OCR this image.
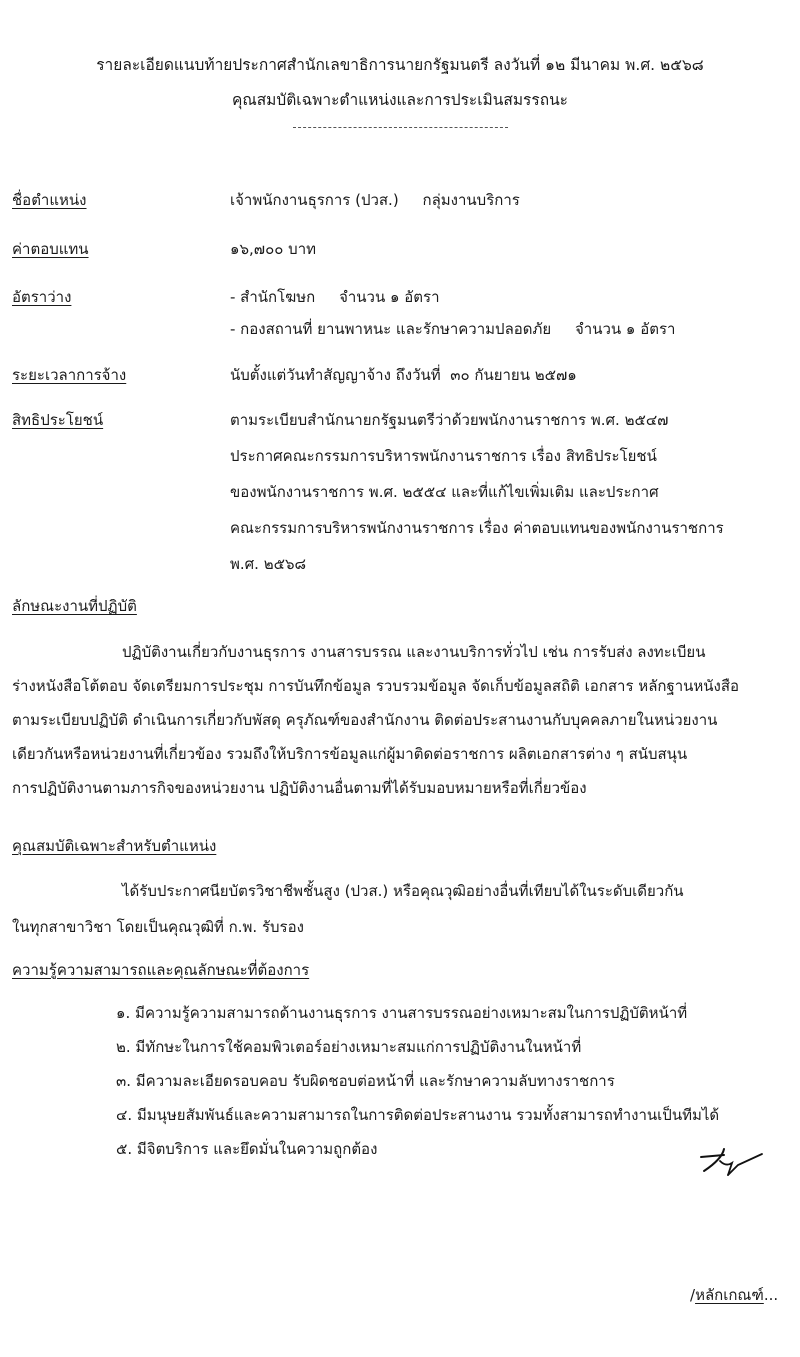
รายละเอียดแนบท้ายประกาศสำนักเลขาธิการนายกรัฐมนตรี ลงวันที่ ๑๒ มีนาคม พ.ศ. ๒๕๖๘
คุณสมบัติเฉพาะตำแหน่งและการประเมินสมรรถนะ
ชื่อตำแหน่ง	เจ้าพนักงานธุรการ (ปวส.)     กลุ่มงานบริการ
ค่าตอบแทน	๑๖,๗๐๐ บาท
อัตราว่าง	- สำนักโฆษก     จำนวน ๑ อัตรา
- กองสถานที่ ยานพาหนะ และรักษาความปลอดภัย     จำนวน ๑ อัตรา
ระยะเวลาการจ้าง	นับตั้งแต่วันทำสัญญาจ้าง ถึงวันที่  ๓๐ กันยายน ๒๕๗๑
สิทธิประโยชน์	ตามระเบียบสำนักนายกรัฐมนตรีว่าด้วยพนักงานราชการ พ.ศ. ๒๕๔๗
ประกาศคณะกรรมการบริหารพนักงานราชการ เรื่อง สิทธิประโยชน์
ของพนักงานราชการ พ.ศ. ๒๕๕๔ และที่แก้ไขเพิ่มเติม และประกาศ
คณะกรรมการบริหารพนักงานราชการ เรื่อง ค่าตอบแทนของพนักงานราชการ
พ.ศ. ๒๕๖๘
ลักษณะงานที่ปฏิบัติ
ปฏิบัติงานเกี่ยวกับงานธุรการ งานสารบรรณ และงานบริการทั่วไป เช่น การรับส่ง ลงทะเบียน
ร่างหนังสือโต้ตอบ จัดเตรียมการประชุม การบันทึกข้อมูล รวบรวมข้อมูล จัดเก็บข้อมูลสถิติ เอกสาร หลักฐานหนังสือ
ตามระเบียบปฏิบัติ ดำเนินการเกี่ยวกับพัสดุ ครุภัณฑ์ของสำนักงาน ติดต่อประสานงานกับบุคคลภายในหน่วยงาน
เดียวกันหรือหน่วยงานที่เกี่ยวข้อง รวมถึงให้บริการข้อมูลแก่ผู้มาติดต่อราชการ ผลิตเอกสารต่าง ๆ สนับสนุน
การปฏิบัติงานตามภารกิจของหน่วยงาน ปฏิบัติงานอื่นตามที่ได้รับมอบหมายหรือที่เกี่ยวข้อง
คุณสมบัติเฉพาะสำหรับตำแหน่ง
ได้รับประกาศนียบัตรวิชาชีพชั้นสูง (ปวส.) หรือคุณวุฒิอย่างอื่นที่เทียบได้ในระดับเดียวกัน
ในทุกสาขาวิชา โดยเป็นคุณวุฒิที่ ก.พ. รับรอง
ความรู้ความสามารถและคุณลักษณะที่ต้องการ
๑. มีความรู้ความสามารถด้านงานธุรการ งานสารบรรณอย่างเหมาะสมในการปฏิบัติหน้าที่
๒. มีทักษะในการใช้คอมพิวเตอร์อย่างเหมาะสมแก่การปฏิบัติงานในหน้าที่
๓. มีความละเอียดรอบคอบ รับผิดชอบต่อหน้าที่ และรักษาความลับทางราชการ
๔. มีมนุษยสัมพันธ์และความสามารถในการติดต่อประสานงาน รวมทั้งสามารถทำงานเป็นทีมได้
๕. มีจิตบริการ และยึดมั่นในความถูกต้อง
/หลักเกณฑ์...
